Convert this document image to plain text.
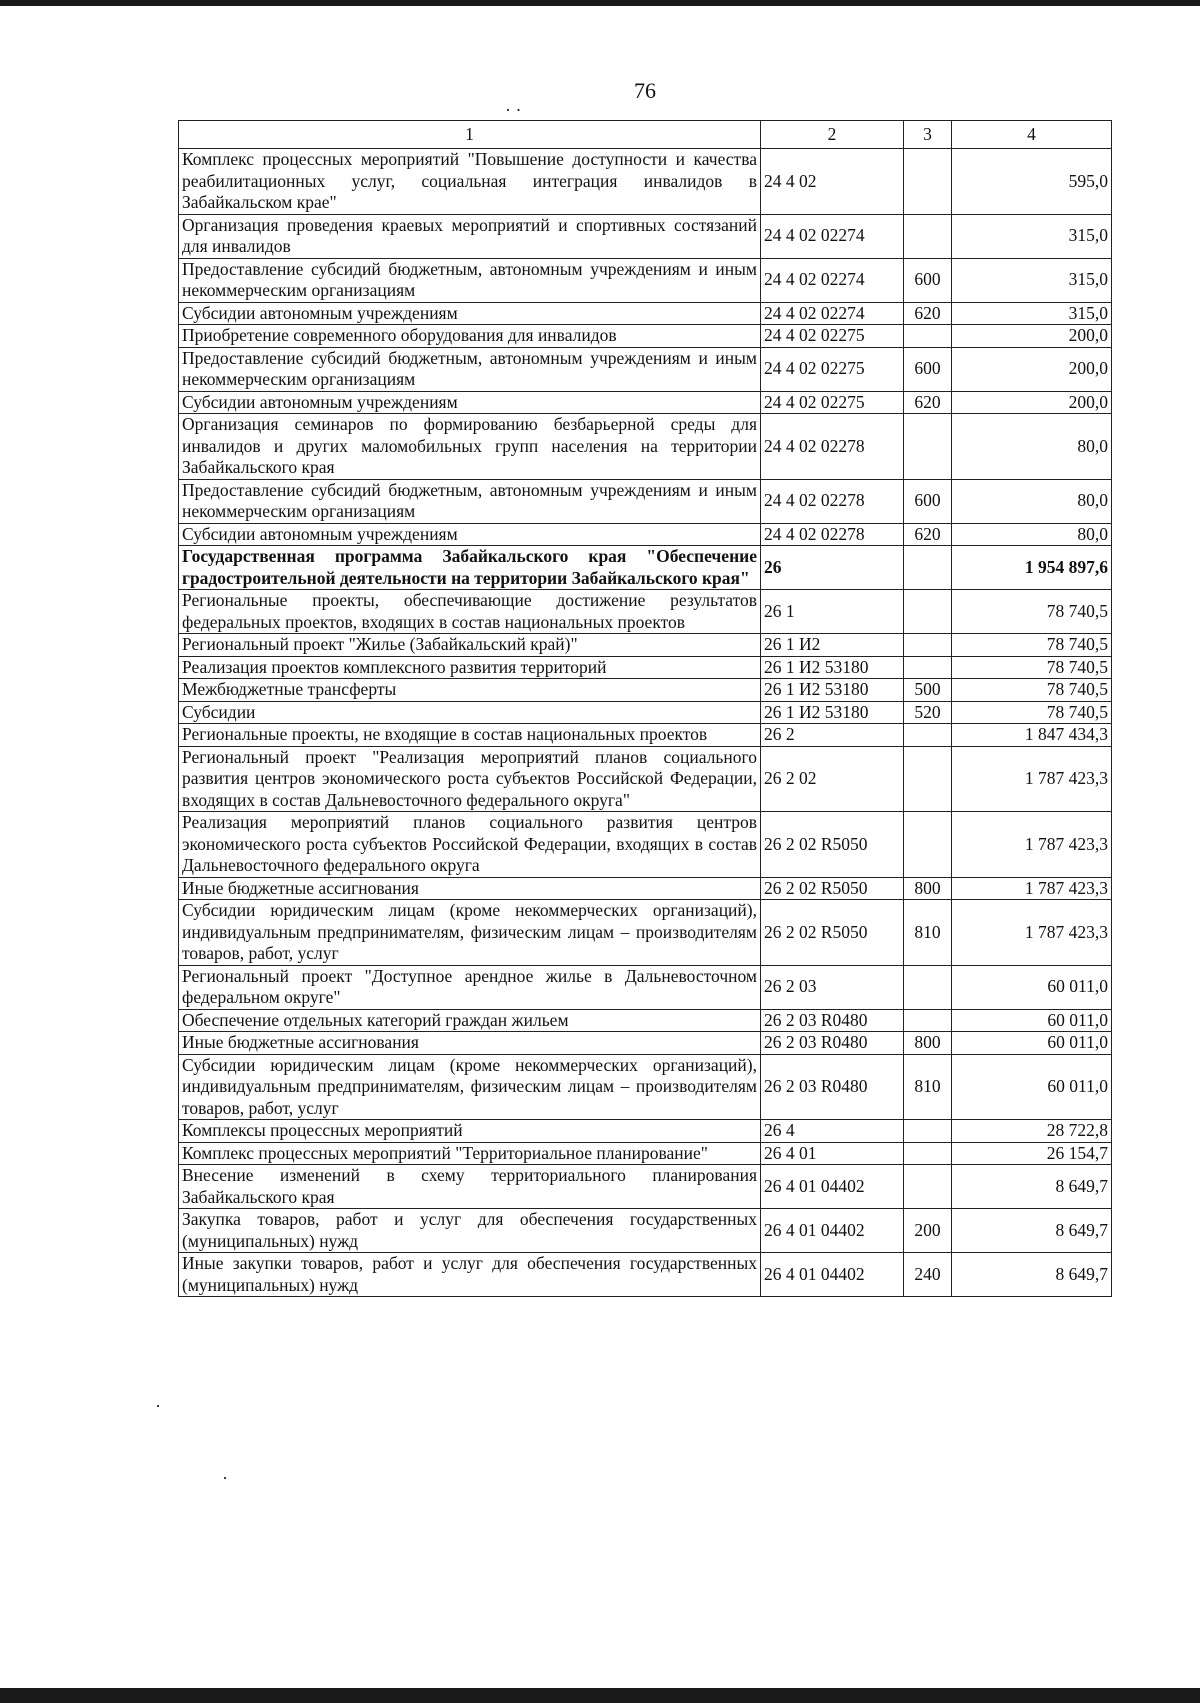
76
1	2	3	4
Комплекс процессных мероприятий "Повышение доступности и качества реабилитационных услуг, социальная интеграция инвалидов в Забайкальском крае"	24 4 02		595,0
Организация проведения краевых мероприятий и спортивных состязаний для инвалидов	24 4 02 02274		315,0
Предоставление субсидий бюджетным, автономным учреждениям и иным некоммерческим организациям	24 4 02 02274	600	315,0
Субсидии автономным учреждениям	24 4 02 02274	620	315,0
Приобретение современного оборудования для инвалидов	24 4 02 02275		200,0
Предоставление субсидий бюджетным, автономным учреждениям и иным некоммерческим организациям	24 4 02 02275	600	200,0
Субсидии автономным учреждениям	24 4 02 02275	620	200,0
Организация семинаров по формированию безбарьерной среды для инвалидов и других маломобильных групп населения на территории Забайкальского края	24 4 02 02278		80,0
Предоставление субсидий бюджетным, автономным учреждениям и иным некоммерческим организациям	24 4 02 02278	600	80,0
Субсидии автономным учреждениям	24 4 02 02278	620	80,0
Государственная программа Забайкальского края "Обеспечение градостроительной деятельности на территории Забайкальского края"	26		1 954 897,6
Региональные проекты, обеспечивающие достижение результатов федеральных проектов, входящих в состав национальных проектов	26 1		78 740,5
Региональный проект "Жилье (Забайкальский край)"	26 1 И2		78 740,5
Реализация проектов комплексного развития территорий	26 1 И2 53180		78 740,5
Межбюджетные трансферты	26 1 И2 53180	500	78 740,5
Субсидии	26 1 И2 53180	520	78 740,5
Региональные проекты, не входящие в состав национальных проектов	26 2		1 847 434,3
Региональный проект "Реализация мероприятий планов социального развития центров экономического роста субъектов Российской Федерации, входящих в состав Дальневосточного федерального округа"	26 2 02		1 787 423,3
Реализация мероприятий планов социального развития центров экономического роста субъектов Российской Федерации, входящих в состав Дальневосточного федерального округа	26 2 02 R5050		1 787 423,3
Иные бюджетные ассигнования	26 2 02 R5050	800	1 787 423,3
Субсидии юридическим лицам (кроме некоммерческих организаций), индивидуальным предпринимателям, физическим лицам – производителям товаров, работ, услуг	26 2 02 R5050	810	1 787 423,3
Региональный проект "Доступное арендное жилье в Дальневосточном федеральном округе"	26 2 03		60 011,0
Обеспечение отдельных категорий граждан жильем	26 2 03 R0480		60 011,0
Иные бюджетные ассигнования	26 2 03 R0480	800	60 011,0
Субсидии юридическим лицам (кроме некоммерческих организаций), индивидуальным предпринимателям, физическим лицам – производителям товаров, работ, услуг	26 2 03 R0480	810	60 011,0
Комплексы процессных мероприятий	26 4		28 722,8
Комплекс процессных мероприятий "Территориальное планирование"	26 4 01		26 154,7
Внесение изменений в схему территориального планирования Забайкальского края	26 4 01 04402		8 649,7
Закупка товаров, работ и услуг для обеспечения государственных (муниципальных) нужд	26 4 01 04402	200	8 649,7
Иные закупки товаров, работ и услуг для обеспечения государственных (муниципальных) нужд	26 4 01 04402	240	8 649,7
· ·
·
·
